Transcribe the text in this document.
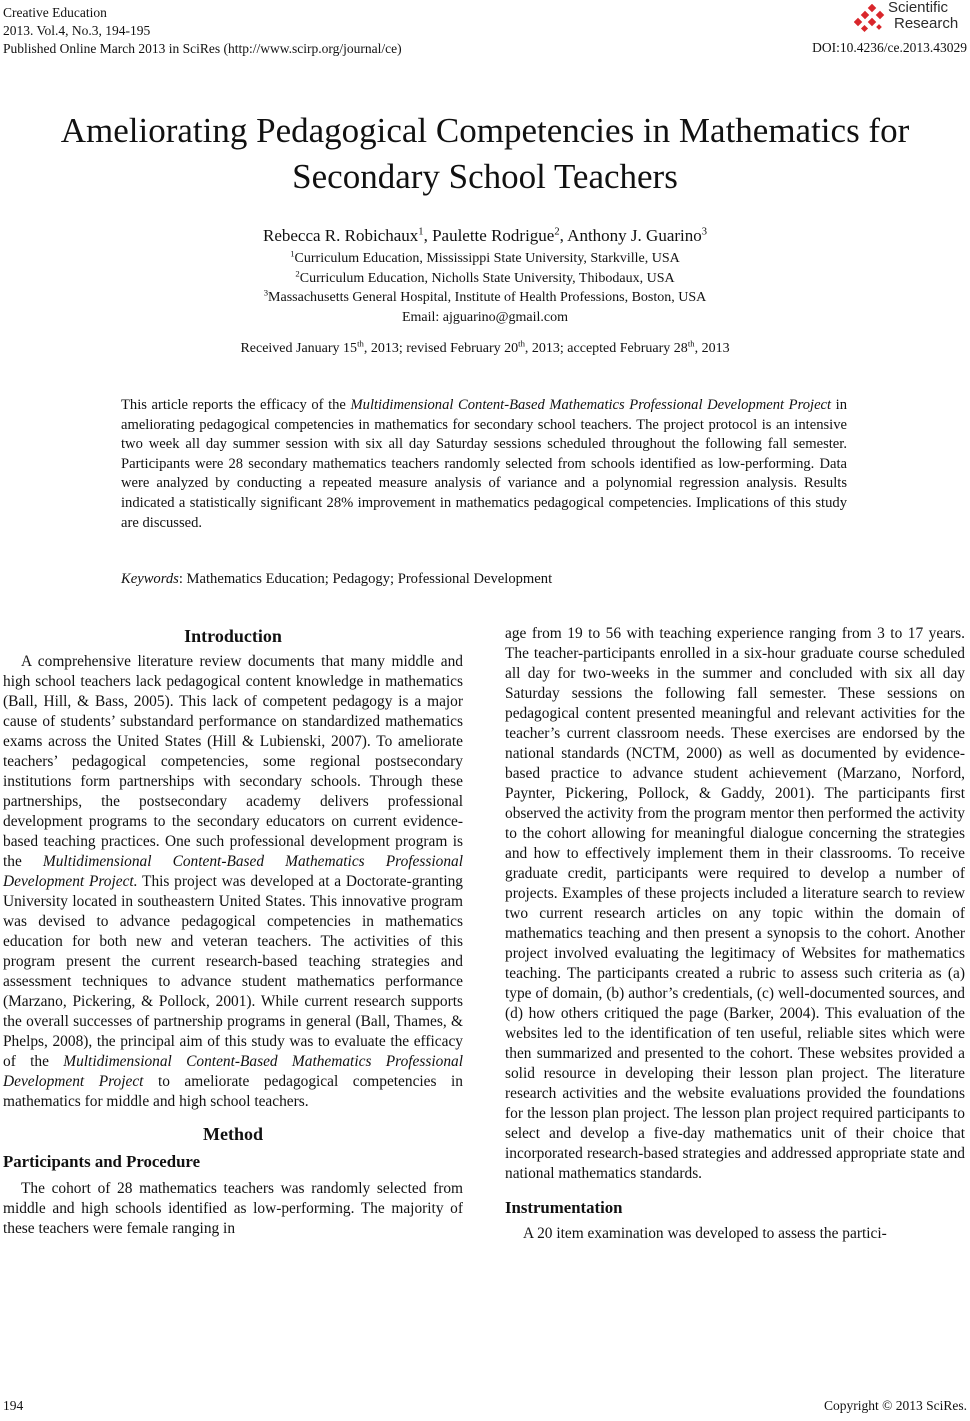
Creative Education
2013. Vol.4, No.3, 194-195
Published Online March 2013 in SciRes (http://www.scirp.org/journal/ce)
Scientific
Research
DOI:10.4236/ce.2013.43029
Ameliorating Pedagogical Competencies in Mathematics for
Secondary School Teachers
Rebecca R. Robichaux$^1$, Paulette Rodrigue$^2$, Anthony J. Guarino$^3$
$^1$Curriculum Education, Mississippi State University, Starkville, USA
$^2$Curriculum Education, Nicholls State University, Thibodaux, USA
$^3$Massachusetts General Hospital, Institute of Health Professions, Boston, USA
Email: ajguarino@gmail.com
Received January 15th, 2013; revised February 20th, 2013; accepted February 28th, 2013
This article reports the efficacy of the Multidimensional Content-Based Mathematics Professional Development Project in ameliorating pedagogical competencies in mathematics for secondary school teachers. The project protocol is an intensive two week all day summer session with six all day Saturday sessions scheduled throughout the following fall semester. Participants were 28 secondary mathematics teachers randomly selected from schools identified as low-performing. Data were analyzed by conducting a repeated measure analysis of variance and a polynomial regression analysis. Results indicated a statistically significant 28% improvement in mathematics pedagogical competencies. Implications of this study are discussed.
Keywords: Mathematics Education; Pedagogy; Professional Development
Introduction

A comprehensive literature review documents that many middle and high school teachers lack pedagogical content knowledge in mathematics (Ball, Hill, & Bass, 2005). This lack of competent pedagogy is a major cause of students’ substandard performance on standardized mathematics exams across the United States (Hill & Lubienski, 2007). To ameliorate teachers’ pedagogical competencies, some regional postsecondary institutions form partnerships with secondary schools. Through these partnerships, the postsecondary academy delivers professional development programs to the secondary educators on current evidence-based teaching practices. One such professional development program is the Multidimensional Content-Based Mathematics Professional Development Project. This project was developed at a Doctorate-granting University located in southeastern United States. This innovative program was devised to advance pedagogical competencies in mathematics education for both new and veteran teachers. The activities of this program present the current research-based teaching strategies and assessment techniques to advance student mathematics performance (Marzano, Pickering, & Pollock, 2001). While current research supports the overall successes of partnership programs in general (Ball, Thames, & Phelps, 2008), the principal aim of this study was to evaluate the efficacy of the Multidimensional Content-Based Mathematics Professional Development Project to ameliorate pedagogical competencies in mathematics for middle and high school teachers.

Method
Participants and Procedure

The cohort of 28 mathematics teachers was randomly selected from middle and high schools identified as low-performing. The majority of these teachers were female ranging in

age from 19 to 56 with teaching experience ranging from 3 to 17 years. The teacher-participants enrolled in a six-hour graduate course scheduled all day for two-weeks in the summer and concluded with six all day Saturday sessions the following fall semester. These sessions on pedagogical content presented meaningful and relevant activities for the teacher’s current classroom needs. These exercises are endorsed by the national standards (NCTM, 2000) as well as documented by evidence-based practice to advance student achievement (Marzano, Norford, Paynter, Pickering, Pollock, & Gaddy, 2001). The participants first observed the activity from the program mentor then performed the activity to the cohort allowing for meaningful dialogue concerning the strategies and how to effectively implement them in their classrooms. To receive graduate credit, participants were required to develop a number of projects. Examples of these projects included a literature search to review two current research articles on any topic within the domain of mathematics teaching and then present a synopsis to the cohort. Another project involved evaluating the legitimacy of Websites for mathematics teaching. The participants created a rubric to assess such criteria as (a) type of domain, (b) author’s credentials, (c) well-documented sources, and (d) how others critiqued the page (Barker, 2004). This evaluation of the websites led to the identification of ten useful, reliable sites which were then summarized and presented to the cohort. These websites provided a solid resource in developing their lesson plan project. The literature research activities and the website evaluations provided the foundations for the lesson plan project. The lesson plan project required participants to select and develop a five-day mathematics unit of their choice that incorporated research-based strategies and addressed appropriate state and national mathematics standards.

Instrumentation

A 20 item examination was developed to assess the partici-

194	Copyright © 2013 SciRes.
